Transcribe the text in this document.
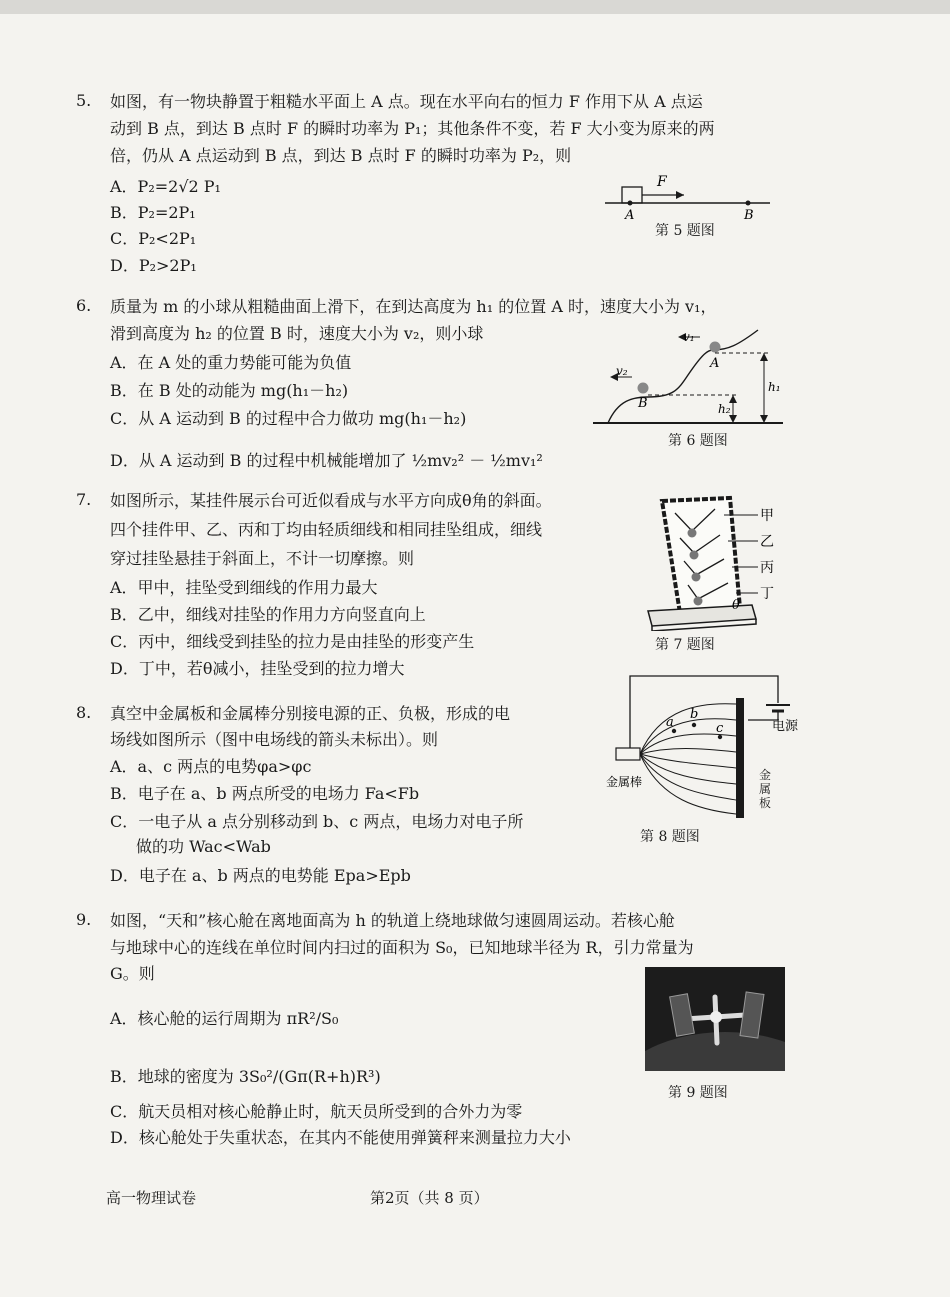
5. 如图，有一物块静置于粗糙水平面上 A 点。现在水平向右的恒力 F 作用下从 A 点运
动到 B 点，到达 B 点时 F 的瞬时功率为 P₁；其他条件不变，若 F 大小变为原来的两
倍，仍从 A 点运动到 B 点，到达 B 点时 F 的瞬时功率为 P₂，则
A．P₂=2√2 P₁
B．P₂=2P₁
C．P₂<2P₁
D．P₂>2P₁
F
A	B
第 5 题图
6. 质量为 m 的小球从粗糙曲面上滑下，在到达高度为 h₁ 的位置 A 时，速度大小为 v₁，
滑到高度为 h₂ 的位置 B 时，速度大小为 v₂，则小球
A．在 A 处的重力势能可能为负值
B．在 B 处的动能为 mg(h₁－h₂)
C．从 A 运动到 B 的过程中合力做功 mg(h₁－h₂)
D．从 A 运动到 B 的过程中机械能增加了 ½mv₂² － ½mv₁²
v₁
v₂	A
B
h₁
h₂
第 6 题图
7. 如图所示，某挂件展示台可近似看成与水平方向成θ角的斜面。
四个挂件甲、乙、丙和丁均由轻质细线和相同挂坠组成，细线
穿过挂坠悬挂于斜面上，不计一切摩擦。则
A．甲中，挂坠受到细线的作用力最大
B．乙中，细线对挂坠的作用力方向竖直向上
C．丙中，细线受到挂坠的拉力是由挂坠的形变产生
D．丁中，若θ减小，挂坠受到的拉力增大
甲
乙
丙
丁
θ
第 7 题图
8. 真空中金属板和金属棒分别接电源的正、负极，形成的电
场线如图所示（图中电场线的箭头未标出）。则
A．a、c 两点的电势φa>φc
B．电子在 a、b 两点所受的电场力 Fa<Fb
C．一电子从 a 点分别移动到 b、c 两点，电场力对电子所
做的功 Wac<Wab
D．电子在 a、b 两点的电势能 Epa>Epb
电源
a
b
c
金属棒	金属板
第 8 题图
9. 如图，“天和”核心舱在离地面高为 h 的轨道上绕地球做匀速圆周运动。若核心舱
与地球中心的连线在单位时间内扫过的面积为 S₀，已知地球半径为 R，引力常量为
G。则
A．核心舱的运行周期为 πR²/S₀
B．地球的密度为 3S₀²/(Gπ(R+h)R³)
C．航天员相对核心舱静止时，航天员所受到的合外力为零
D．核心舱处于失重状态，在其内不能使用弹簧秤来测量拉力大小
第 9 题图
高一物理试卷	第2页（共 8 页）
